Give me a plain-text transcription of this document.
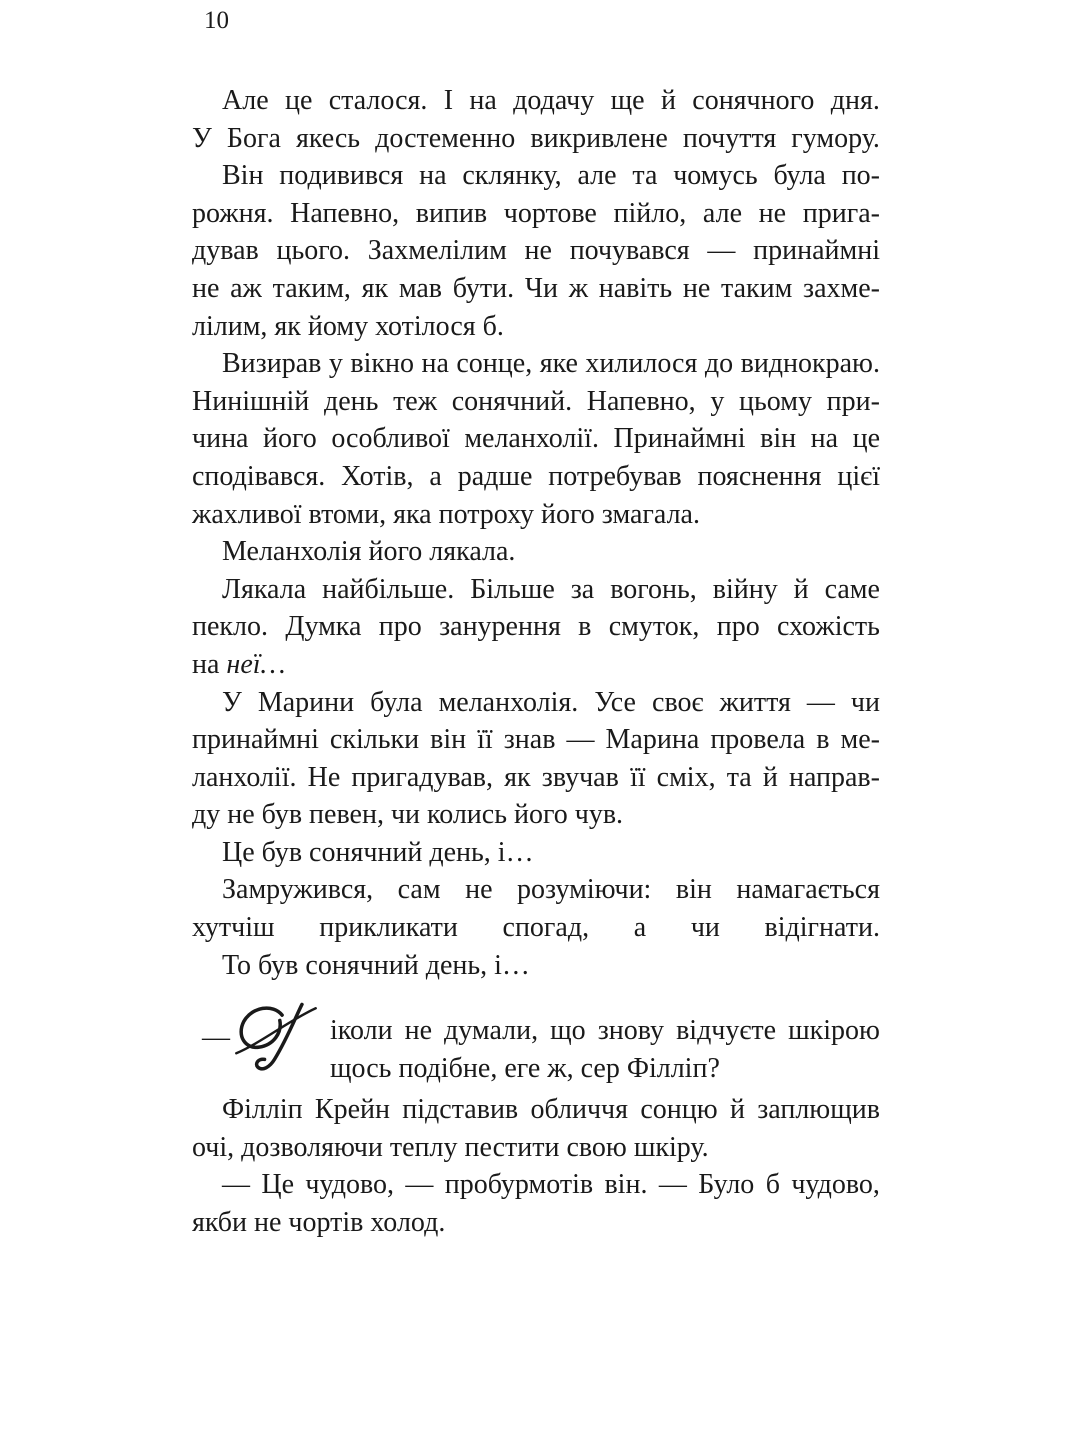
10
Але це сталося. І на додачу ще й сонячного дня.
У Бога якесь достеменно викривлене почуття гумору.
Він подивився на склянку, але та чомусь була по-
рожня. Напевно, випив чортове пійло, але не прига-
дував цього. Захмелілим не почувався — принаймні
не аж таким, як мав бути. Чи ж навіть не таким захме-
лілим, як йому хотілося б.
Визирав у вікно на сонце, яке хилилося до виднокраю.
Нинішній день теж сонячний. Напевно, у цьому при-
чина його особливої меланхолії. Принаймні він на це
сподівався. Хотів, а радше потребував пояснення цієї
жахливої втоми, яка потроху його змагала.
Меланхолія його лякала.
Лякала найбільше. Більше за вогонь, війну й саме
пекло. Думка про занурення в смуток, про схожість
на неї…
У Марини була меланхолія. Усе своє життя — чи
принаймні скільки він її знав — Марина провела в ме-
ланхолії. Не пригадував, як звучав її сміх, та й направ-
ду не був певен, чи колись його чув.
Це був сонячний день, і…
Замружився, сам не розуміючи: він намагається
хутчіш прикликати спогад, а чи відігнати.
То був сонячний день, і…
—	іколи не думали, що знову відчуєте шкірою
щось подібне, еге ж, сер Філліп?
Філліп Крейн підставив обличчя сонцю й заплющив
очі, дозволяючи теплу пестити свою шкіру.
— Це чудово, — пробурмотів він. — Було б чудово,
якби не чортів холод.
